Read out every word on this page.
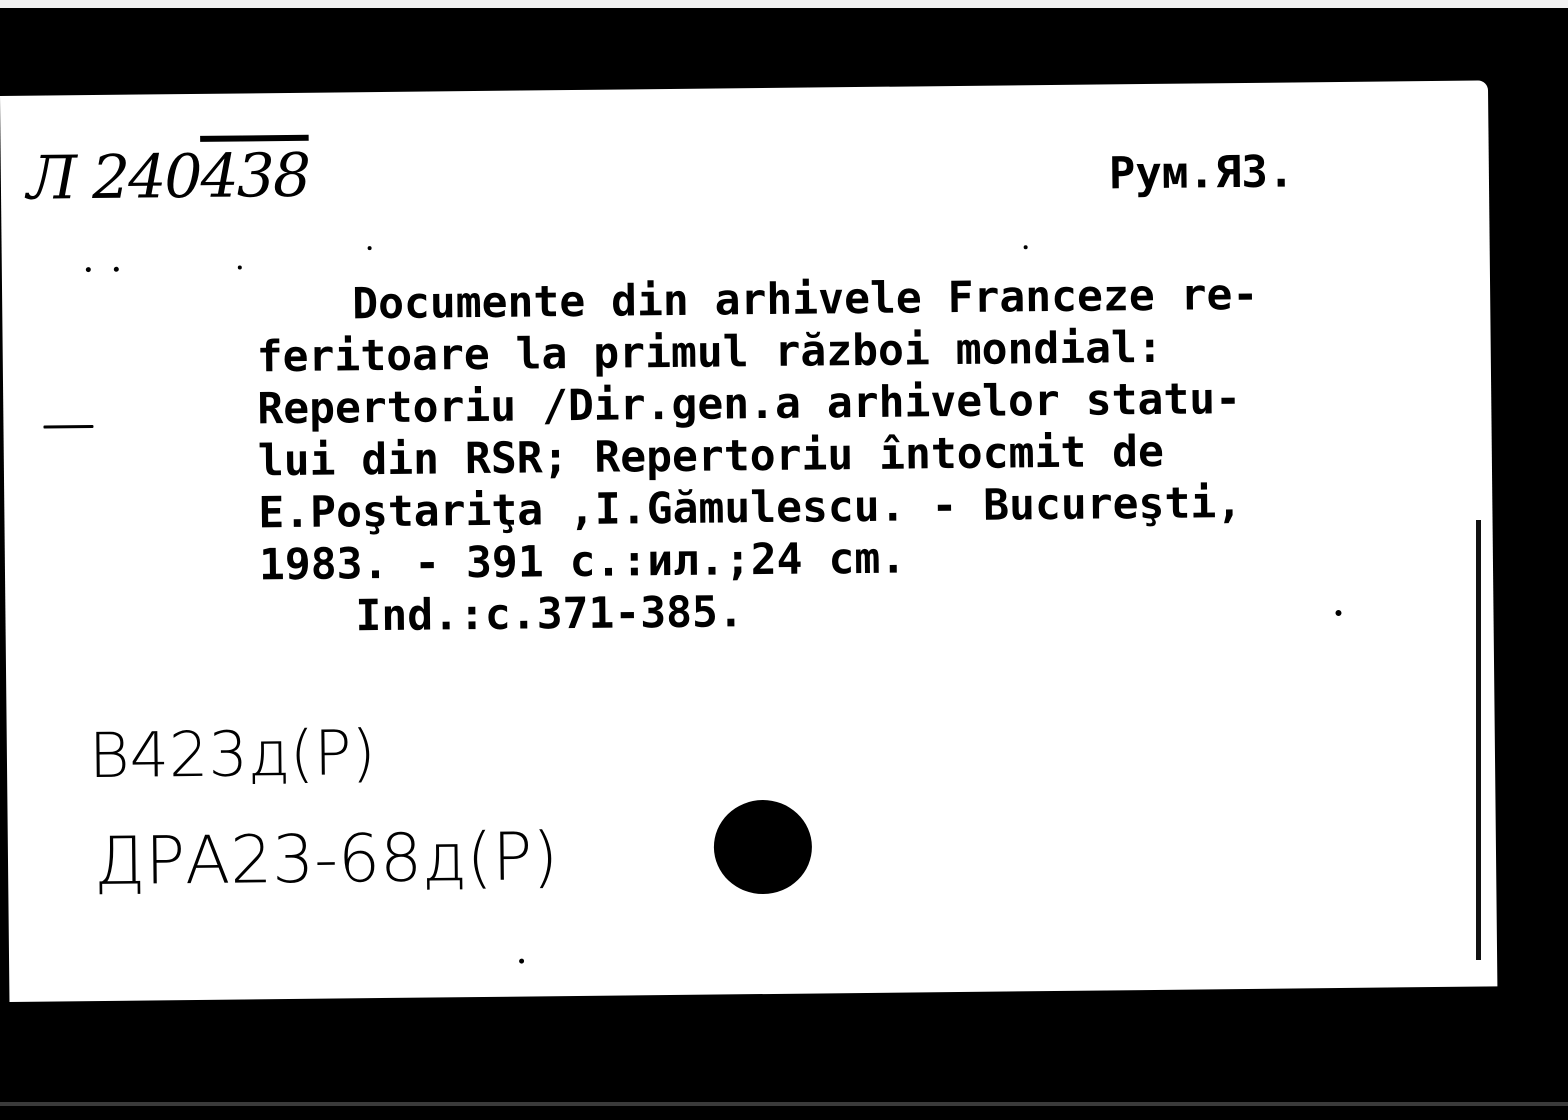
Л 240438	Рум.Я3.
Documente din arhivele Franceze re-
feritoare la primul război mondial:
Repertoriu /Dir.gen.a arhivelor statu-
lui din RSR; Repertoriu întocmit de
E.Poştariţa ,I.Gămulescu. - Bucureşti,
1983. - 391 с.:ил.;24 cm.
Ind.:c.371-385.
В423д(Р)
ДРА23-68д(Р)
